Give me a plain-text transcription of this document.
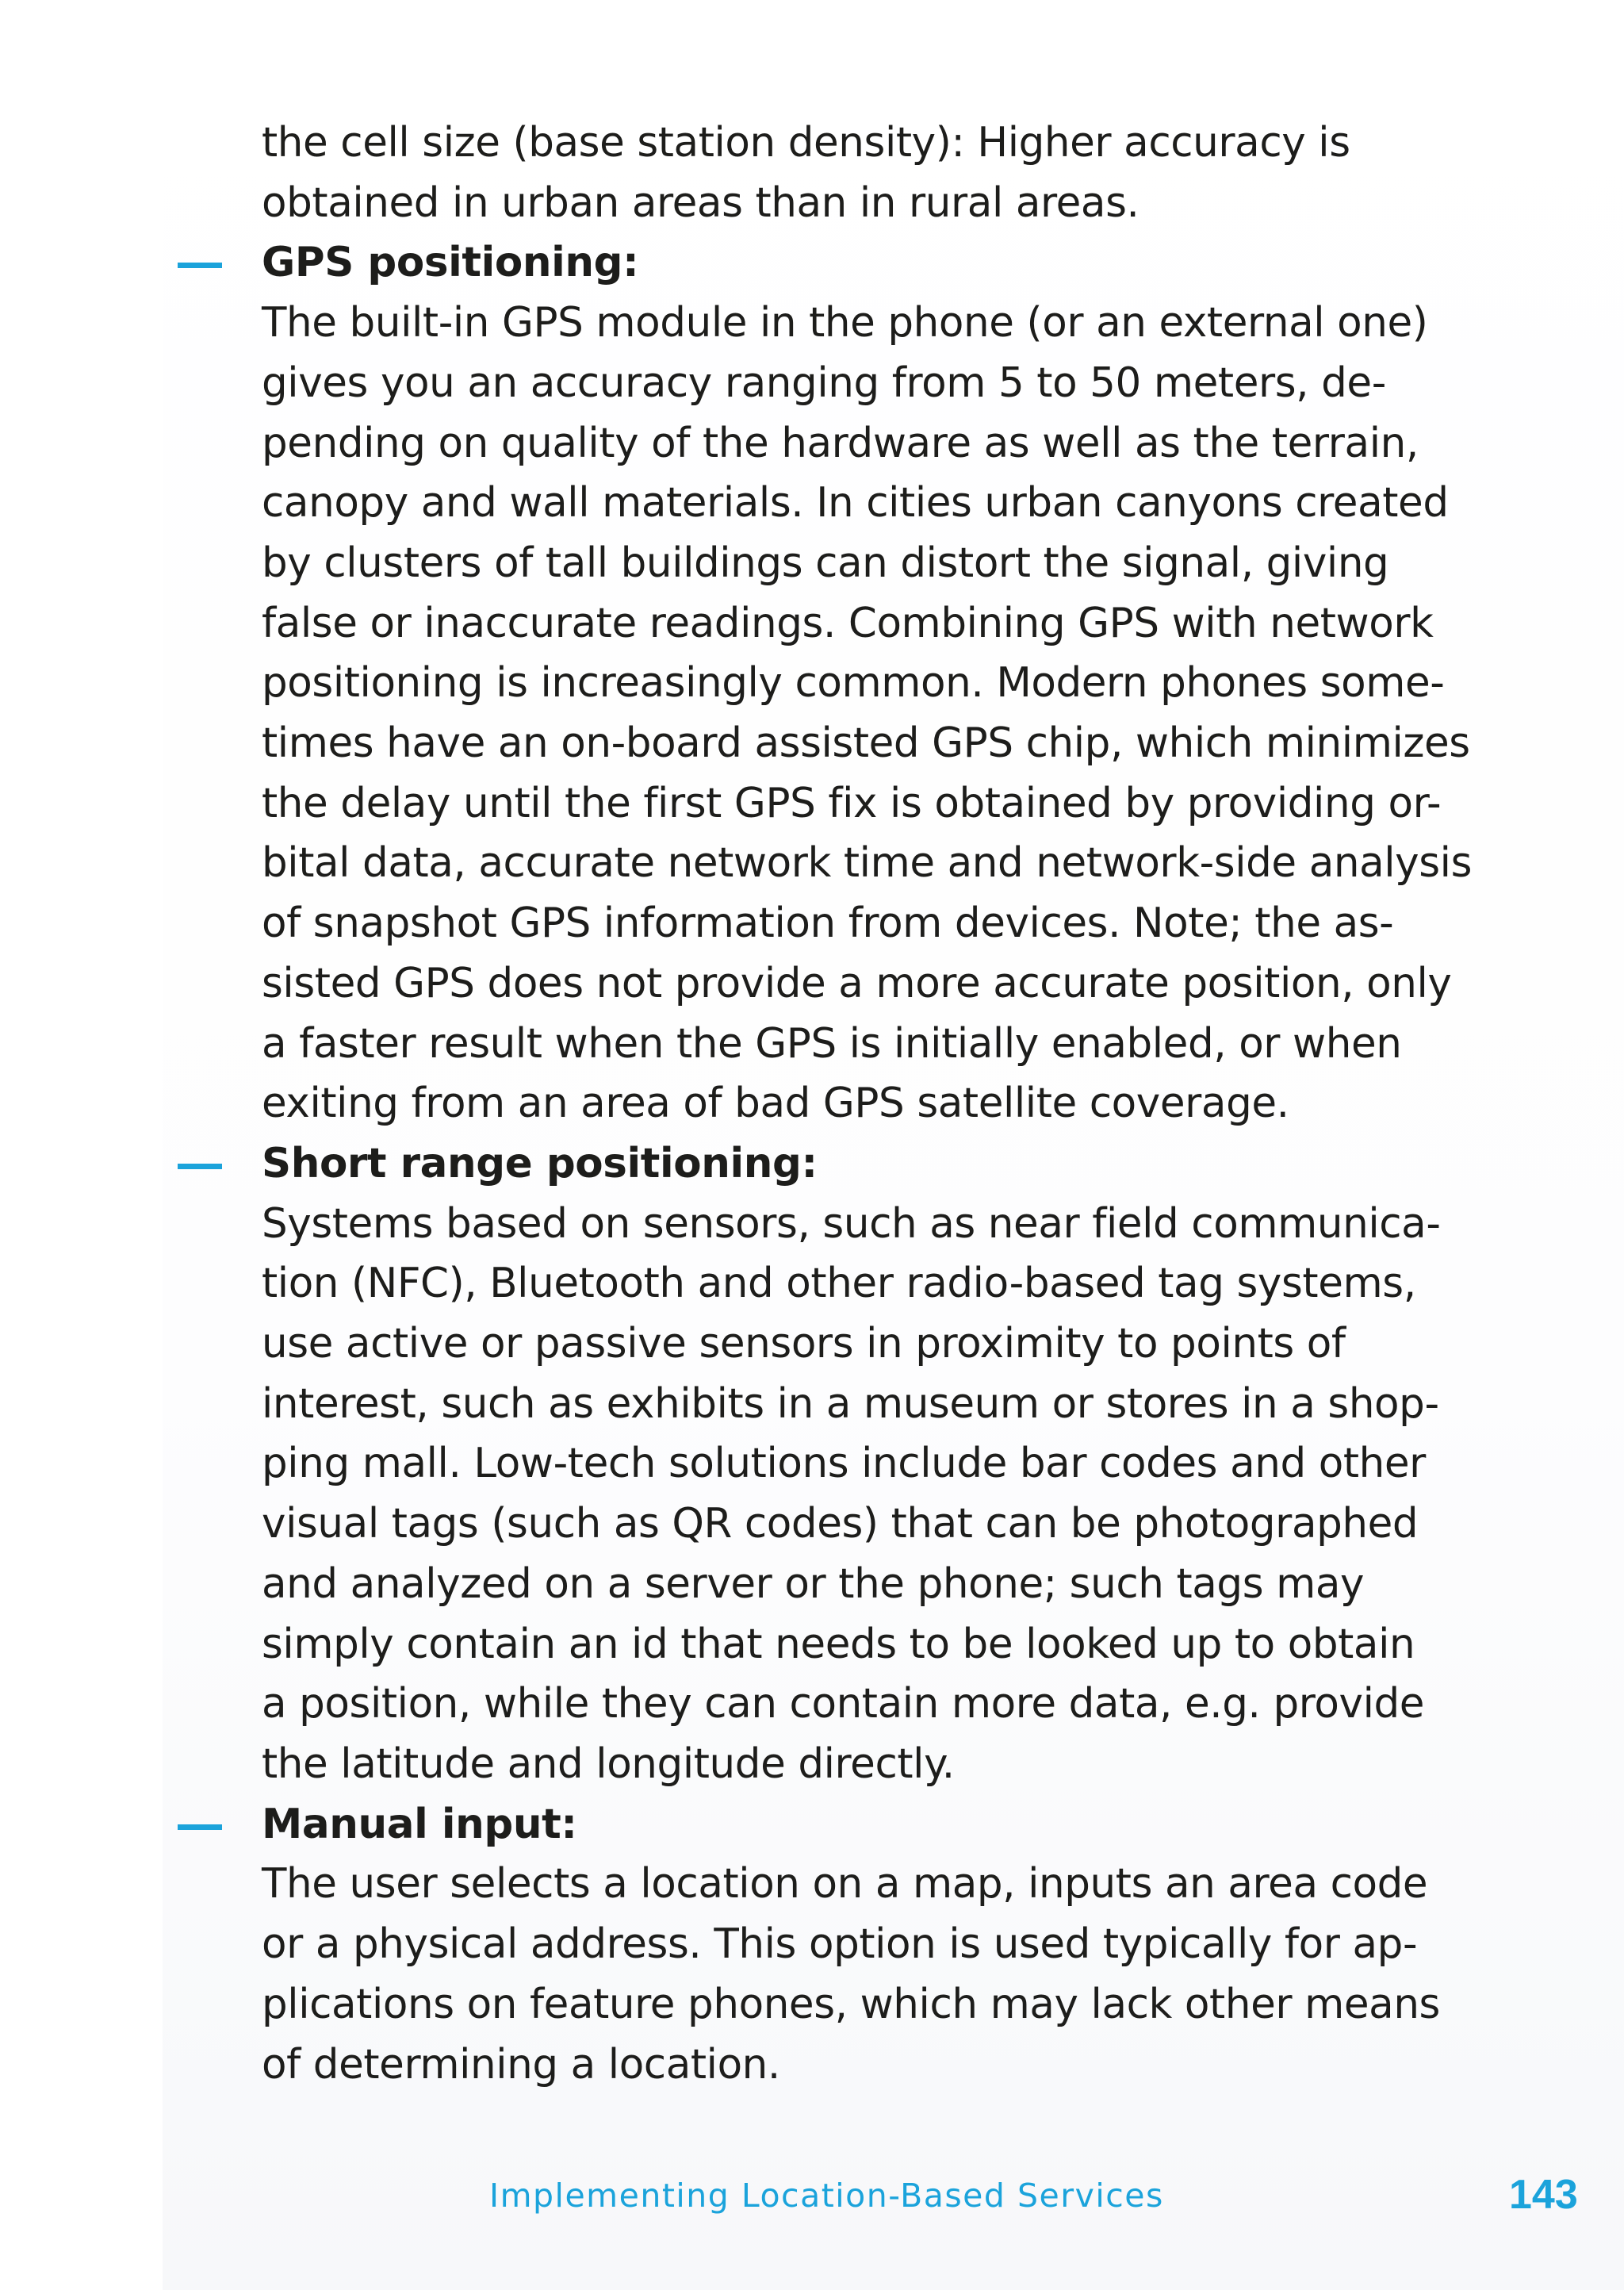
the cell size (base station density): Higher accuracy is
obtained in urban areas than in rural areas.
GPS positioning:
The built-in GPS module in the phone (or an external one)
gives you an accuracy ranging from 5 to 50 meters, de-
pending on quality of the hardware as well as the terrain,
canopy and wall materials. In cities urban canyons created
by clusters of tall buildings can distort the signal, giving
false or inaccurate readings. Combining GPS with network
positioning is increasingly common. Modern phones some-
times have an on-board assisted GPS chip, which minimizes
the delay until the first GPS fix is obtained by providing or-
bital data, accurate network time and network-side analysis
of snapshot GPS information from devices. Note; the as-
sisted GPS does not provide a more accurate position, only
a faster result when the GPS is initially enabled, or when
exiting from an area of bad GPS satellite coverage.
Short range positioning:
Systems based on sensors, such as near field communica-
tion (NFC), Bluetooth and other radio-based tag systems,
use active or passive sensors in proximity to points of
interest, such as exhibits in a museum or stores in a shop-
ping mall. Low-tech solutions include bar codes and other
visual tags (such as QR codes) that can be photographed
and analyzed on a server or the phone; such tags may
simply contain an id that needs to be looked up to obtain
a position, while they can contain more data, e.g. provide
the latitude and longitude directly.
Manual input:
The user selects a location on a map, inputs an area code
or a physical address. This option is used typically for ap-
plications on feature phones, which may lack other means
of determining a location.
Implementing Location-Based Services	143
